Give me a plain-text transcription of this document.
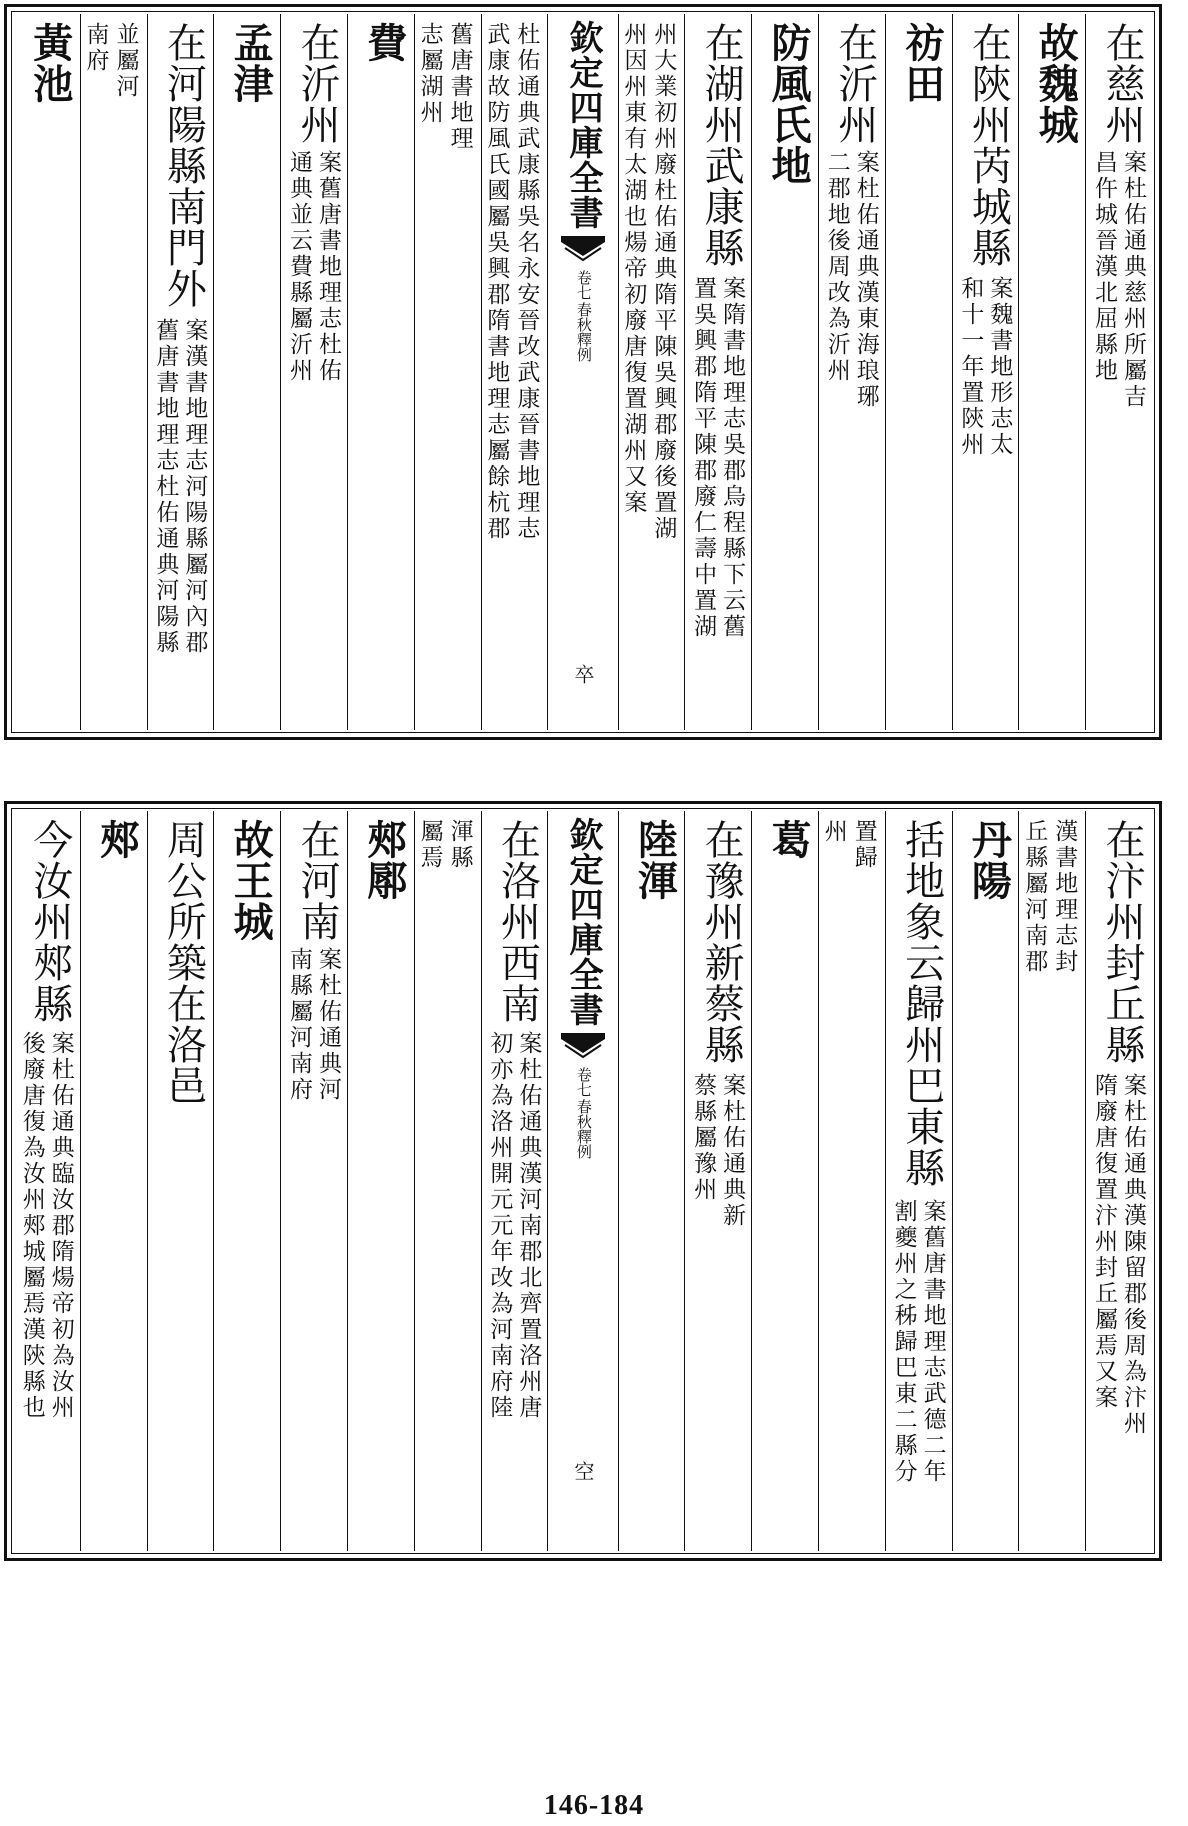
在慈州
案杜佑通典慈州所屬吉
昌仵城晉漢北屈縣地
故魏城
在陝州芮城縣
案魏書地形志太
和十一年置陝州
祊田
在沂州
案杜佑通典漢東海琅琊
二郡地後周改為沂州
防風氏地
在湖州武康縣
案隋書地理志吳郡烏程縣下云舊
置吳興郡隋平陳郡廢仁壽中置湖
州大業初州廢杜佑通典隋平陳吳興郡廢後置湖
州因州東有太湖也煬帝初廢唐復置湖州又案
欽定四庫全書
春秋釋例
卷七
卒
杜佑通典武康縣吳名永安晉改武康晉書地理志
武康故防風氏國屬吳興郡隋書地理志屬餘杭郡
舊唐書地理
志屬湖州
費
在沂州
案舊唐書地理志杜佑
通典並云費縣屬沂州
孟津
在河陽縣南門外
案漢書地理志河陽縣屬河內郡
舊唐書地理志杜佑通典河陽縣
並屬河
南府
黃池
在汴州封丘縣
案杜佑通典漢陳留郡後周為汴州
隋廢唐復置汴州封丘屬焉又案
漢書地理志封
丘縣屬河南郡
丹陽
括地象云歸州巴東縣
案舊唐書地理志武德二年
割夔州之秭歸巴東二縣分
置歸
州
葛
在豫州新蔡縣
案杜佑通典新
蔡縣屬豫州
陸渾
欽定四庫全書
春秋釋例
卷七
空
在洛州西南
案杜佑通典漢河南郡北齊置洛州唐
初亦為洛州開元元年改為河南府陸
渾縣
屬焉
郟鄏
在河南
案杜佑通典河
南縣屬河南府
故王城
周公所築在洛邑
郟
今汝州郟縣
案杜佑通典臨汝郡隋煬帝初為汝州
後廢唐復為汝州郟城屬焉漢陝縣也
146-184
